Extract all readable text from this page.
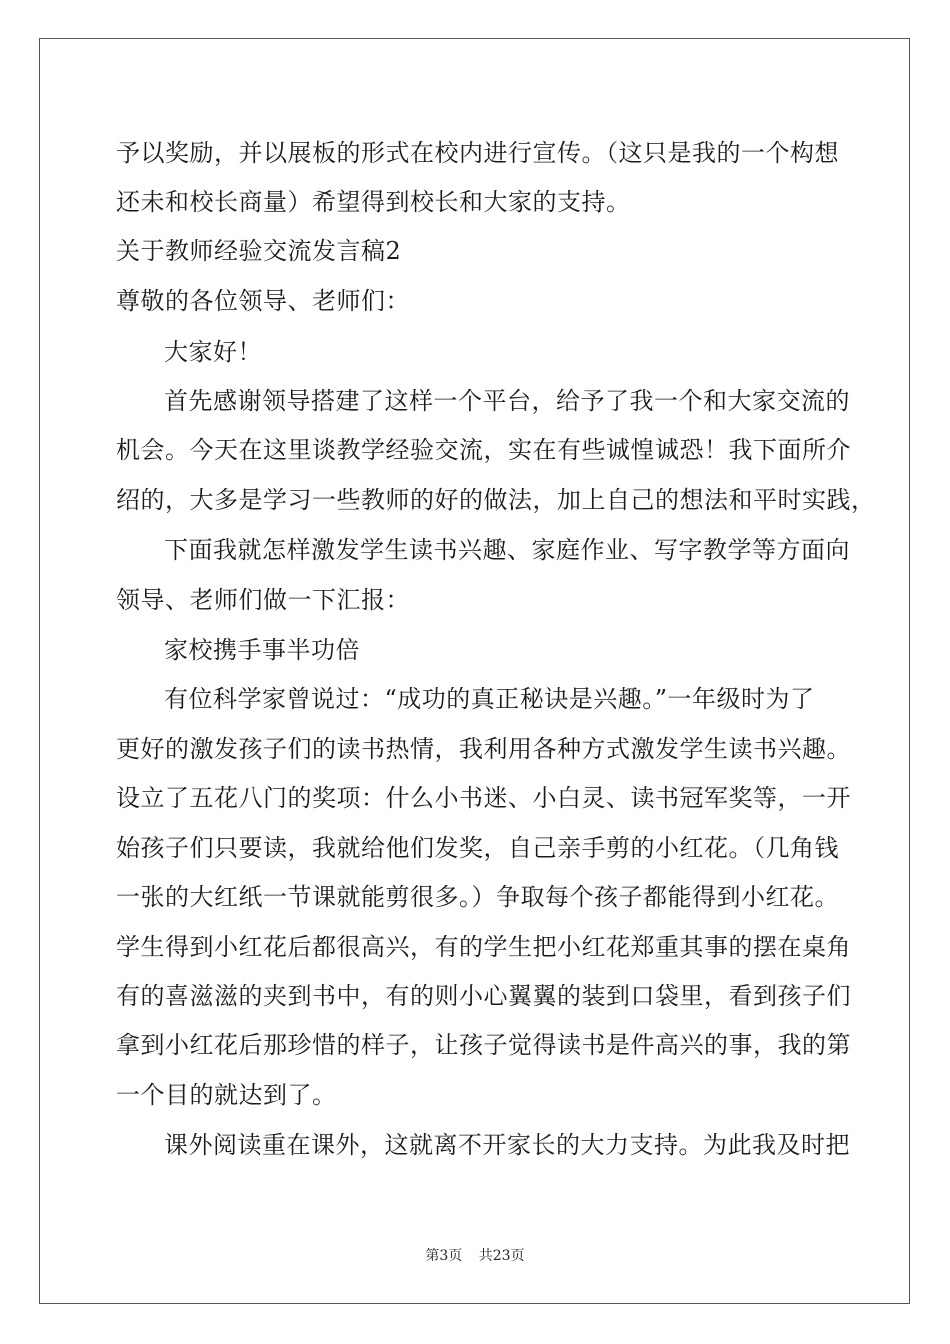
予以奖励，并以展板的形式在校内进行宣传。（这只是我的一个构想
还未和校长商量）希望得到校长和大家的支持。
关于教师经验交流发言稿2
尊敬的各位领导、老师们：
大家好！
首先感谢领导搭建了这样一个平台，给予了我一个和大家交流的
机会。今天在这里谈教学经验交流，实在有些诚惶诚恐！我下面所介
绍的，大多是学习一些教师的好的做法，加上自己的想法和平时实践，
下面我就怎样激发学生读书兴趣、家庭作业、写字教学等方面向
领导、老师们做一下汇报：
家校携手事半功倍
有位科学家曾说过：“成功的真正秘诀是兴趣。”一年级时为了
更好的激发孩子们的读书热情，我利用各种方式激发学生读书兴趣。
设立了五花八门的奖项：什么小书迷、小白灵、读书冠军奖等，一开
始孩子们只要读，我就给他们发奖，自己亲手剪的小红花。（几角钱
一张的大红纸一节课就能剪很多。）争取每个孩子都能得到小红花。
学生得到小红花后都很高兴，有的学生把小红花郑重其事的摆在桌角
有的喜滋滋的夹到书中，有的则小心翼翼的装到口袋里，看到孩子们
拿到小红花后那珍惜的样子，让孩子觉得读书是件高兴的事，我的第
一个目的就达到了。
课外阅读重在课外，这就离不开家长的大力支持。为此我及时把
第3页 共23页
